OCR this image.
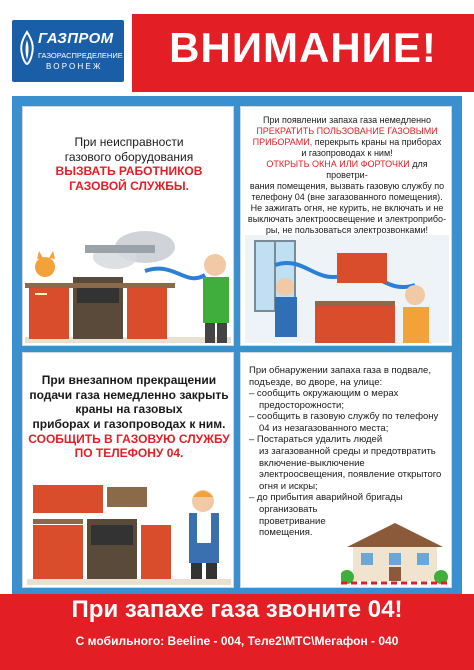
ГАЗПРОМ
ГАЗОРАСПРЕДЕЛЕНИЕ
ВОРОНЕЖ	ВНИМАНИЕ!
При неисправности
газового оборудования
ВЫЗВАТЬ РАБОТНИКОВ
ГАЗОВОЙ СЛУЖБЫ.
При появлении запаха газа немедленно
ПРЕКРАТИТЬ ПОЛЬЗОВАНИЕ ГАЗОВЫМИ
ПРИБОРАМИ, перекрыть краны на приборах
и газопроводах к ним!
ОТКРЫТЬ ОКНА ИЛИ ФОРТОЧКИ для проветри-
вания помещения, вызвать газовую службу по
телефону 04 (вне загазованного помещения).
Не зажигать огня, не курить, не включать и не
выключать электроосвещение и электроприбо-
ры, не пользоваться электрозвонками!
При внезапном прекращении
подачи газа немедленно закрыть
краны на газовых
приборах и газопроводах к ним.
СООБЩИТЬ В ГАЗОВУЮ СЛУЖБУ
ПО ТЕЛЕФОНУ 04.
При обнаружении запаха газа в подвале,
подъезде, во дворе, на улице:
– сообщить окружающим о мерах
предосторожности;
– сообщить в газовую службу по телефону
04 из незагазованного места;
– Постараться удалить людей
из загазованной среды и предотвратить
включение-выключение
электроосвещения, появление открытого
огня и искры;
– до прибытия аварийной бригады
организовать
проветривание
помещения.
При запахе газа звоните 04!
С мобильного: Beeline - 004, Теле2\МТС\Мегафон - 040
